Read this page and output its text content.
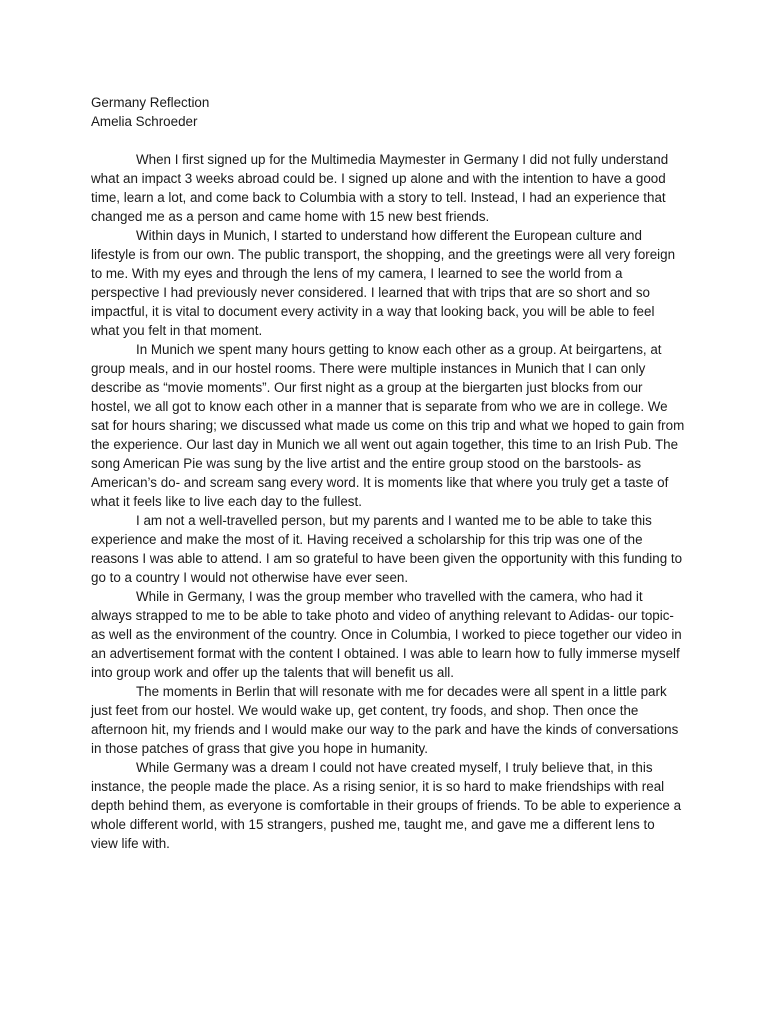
Germany Reflection

Amelia Schroeder

When I first signed up for the Multimedia Maymester in Germany I did not fully understand what an impact 3 weeks abroad could be. I signed up alone and with the intention to have a good time, learn a lot, and come back to Columbia with a story to tell. Instead, I had an experience that changed me as a person and came home with 15 new best friends.

Within days in Munich, I started to understand how different the European culture and lifestyle is from our own. The public transport, the shopping, and the greetings were all very foreign to me. With my eyes and through the lens of my camera, I learned to see the world from a perspective I had previously never considered. I learned that with trips that are so short and so impactful, it is vital to document every activity in a way that looking back, you will be able to feel what you felt in that moment.

In Munich we spent many hours getting to know each other as a group. At beirgartens, at group meals, and in our hostel rooms. There were multiple instances in Munich that I can only describe as “movie moments”. Our first night as a group at the biergarten just blocks from our hostel, we all got to know each other in a manner that is separate from who we are in college. We sat for hours sharing; we discussed what made us come on this trip and what we hoped to gain from the experience. Our last day in Munich we all went out again together, this time to an Irish Pub. The song American Pie was sung by the live artist and the entire group stood on the barstools- as American’s do- and scream sang every word. It is moments like that where you truly get a taste of what it feels like to live each day to the fullest.

I am not a well-travelled person, but my parents and I wanted me to be able to take this experience and make the most of it. Having received a scholarship for this trip was one of the reasons I was able to attend. I am so grateful to have been given the opportunity with this funding to go to a country I would not otherwise have ever seen.

While in Germany, I was the group member who travelled with the camera, who had it always strapped to me to be able to take photo and video of anything relevant to Adidas- our topic- as well as the environment of the country. Once in Columbia, I worked to piece together our video in an advertisement format with the content I obtained. I was able to learn how to fully immerse myself into group work and offer up the talents that will benefit us all.

The moments in Berlin that will resonate with me for decades were all spent in a little park just feet from our hostel. We would wake up, get content, try foods, and shop. Then once the afternoon hit, my friends and I would make our way to the park and have the kinds of conversations in those patches of grass that give you hope in humanity.

While Germany was a dream I could not have created myself, I truly believe that, in this instance, the people made the place. As a rising senior, it is so hard to make friendships with real depth behind them, as everyone is comfortable in their groups of friends. To be able to experience a whole different world, with 15 strangers, pushed me, taught me, and gave me a different lens to view life with.
